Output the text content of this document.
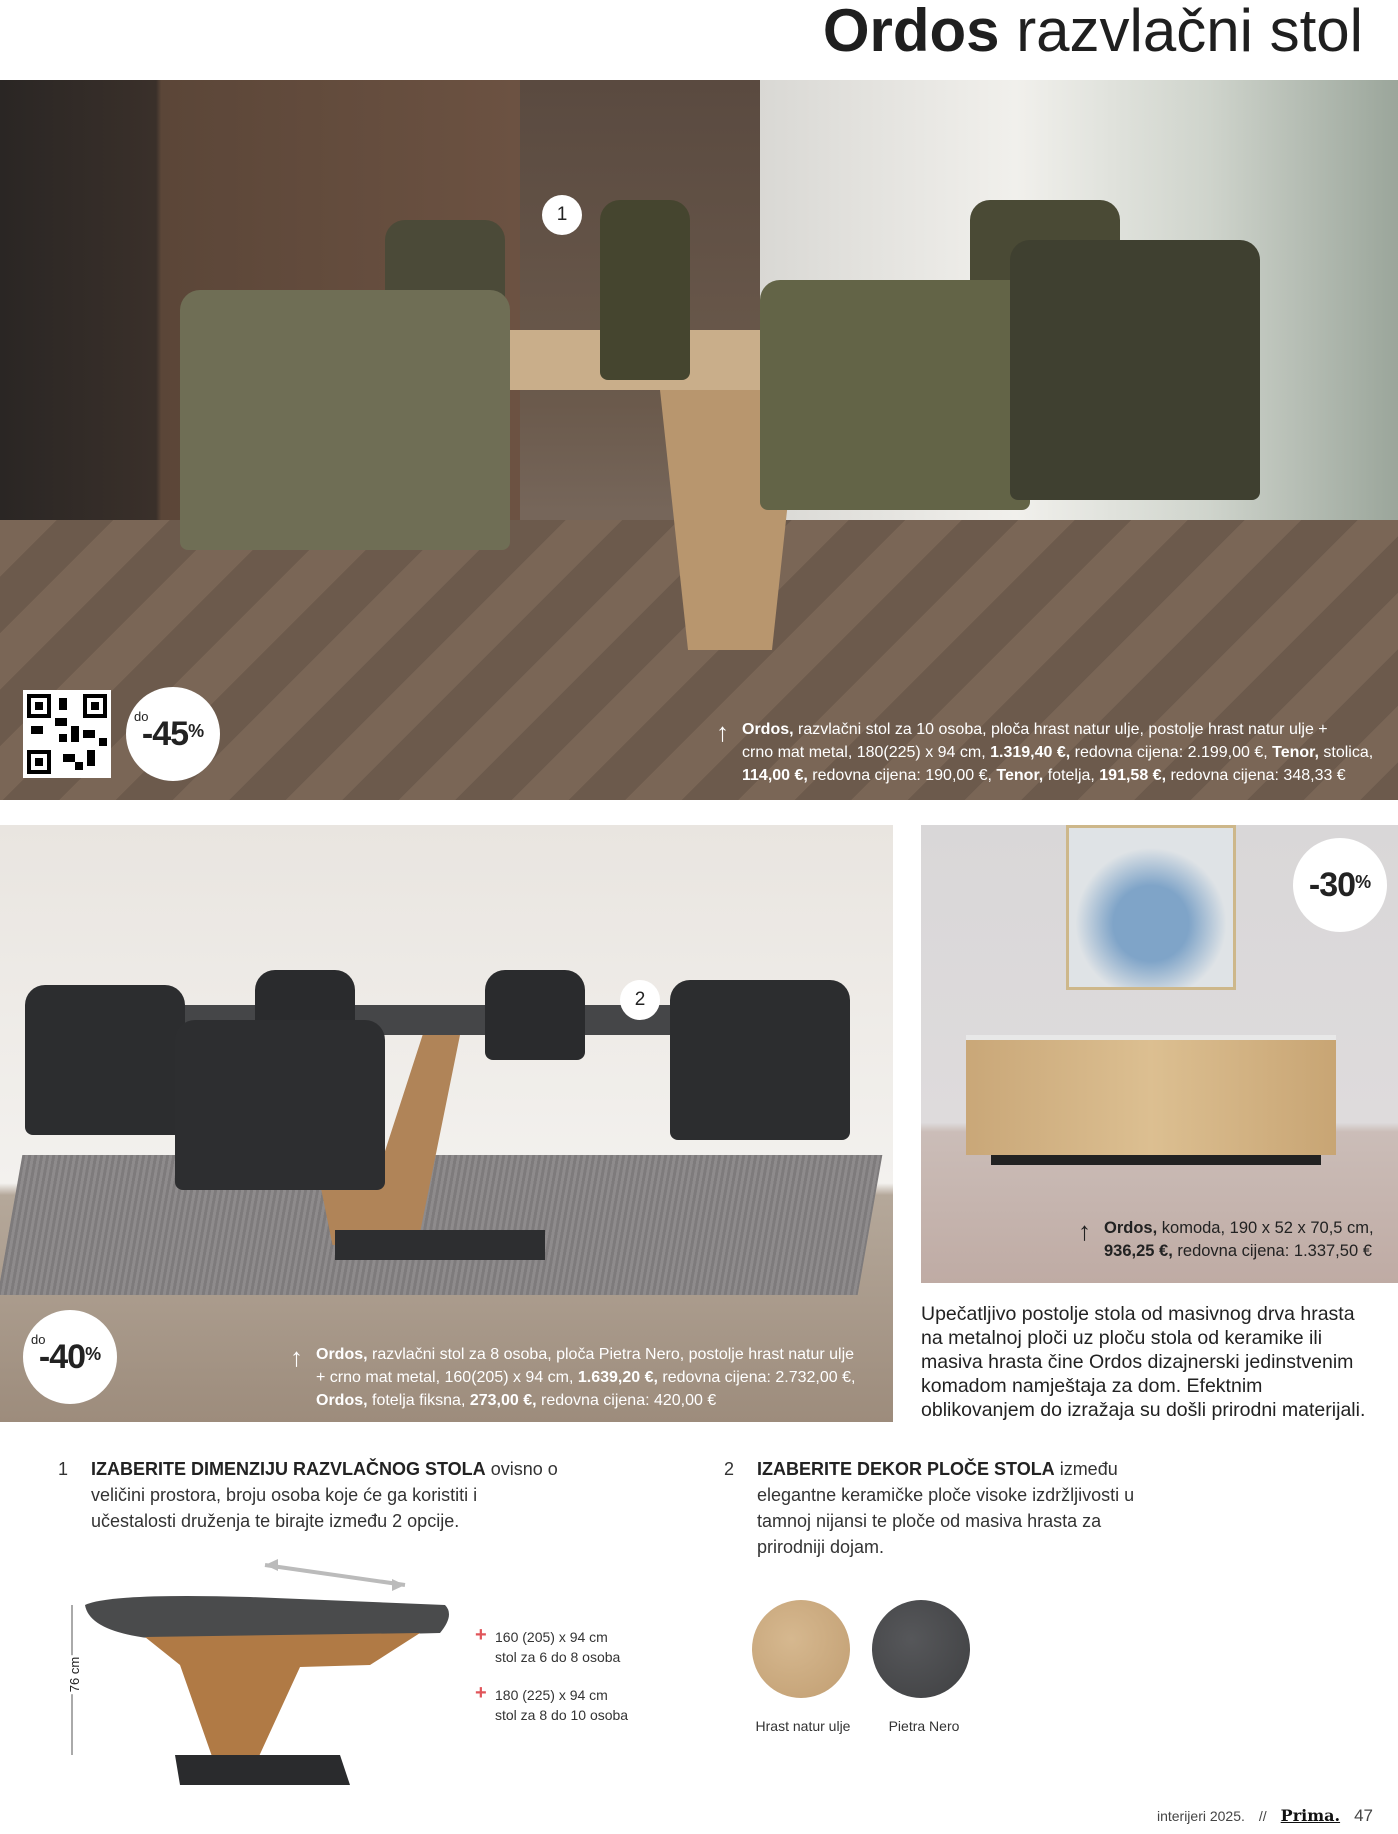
Ordos razvlačni stol
1
do
-45 %	↑ Ordos, razvlačni stol za 10 osoba, ploča hrast natur ulje, postolje hrast natur ulje +
crno mat metal, 180(225) x 94 cm, 1.319,40 €, redovna cijena: 2.199,00 €, Tenor, stolica,
114,00 €, redovna cijena: 190,00 €, Tenor, fotelja, 191,58 €, redovna cijena: 348,33 €
2
do
-40 %	↑ Ordos, razvlačni stol za 8 osoba, ploča Pietra Nero, postolje hrast natur ulje
+ crno mat metal, 160(205) x 94 cm, 1.639,20 €, redovna cijena: 2.732,00 €,
Ordos, fotelja fiksna, 273,00 €, redovna cijena: 420,00 €
-30 %
↑ Ordos, komoda, 190 x 52 x 70,5 cm,
936,25 €, redovna cijena: 1.337,50 €
Upečatljivo postolje stola od masivnog drva hrasta na metalnoj ploči uz ploču stola od keramike ili masiva hrasta čine Ordos dizajnerski jedinstvenim komadom namještaja za dom. Efektnim oblikovanjem do izražaja su došli prirodni materijali.
1 IZABERITE DIMENZIJU RAZVLAČNOG STOLA ovisno o veličini prostora, broju osoba koje će ga koristiti i učestalosti druženja te birajte između 2 opcije.
76 cm
+ 160 (205) x 94 cm
stol za 6 do 8 osoba
+ 180 (225) x 94 cm
stol za 8 do 10 osoba
2 IZABERITE DEKOR PLOČE STOLA između elegantne keramičke ploče visoke izdržljivosti u tamnoj nijansi te ploče od masiva hrasta za prirodniji dojam.
Hrast natur ulje	Pietra Nero
interijeri 2025. // Prima. 47
